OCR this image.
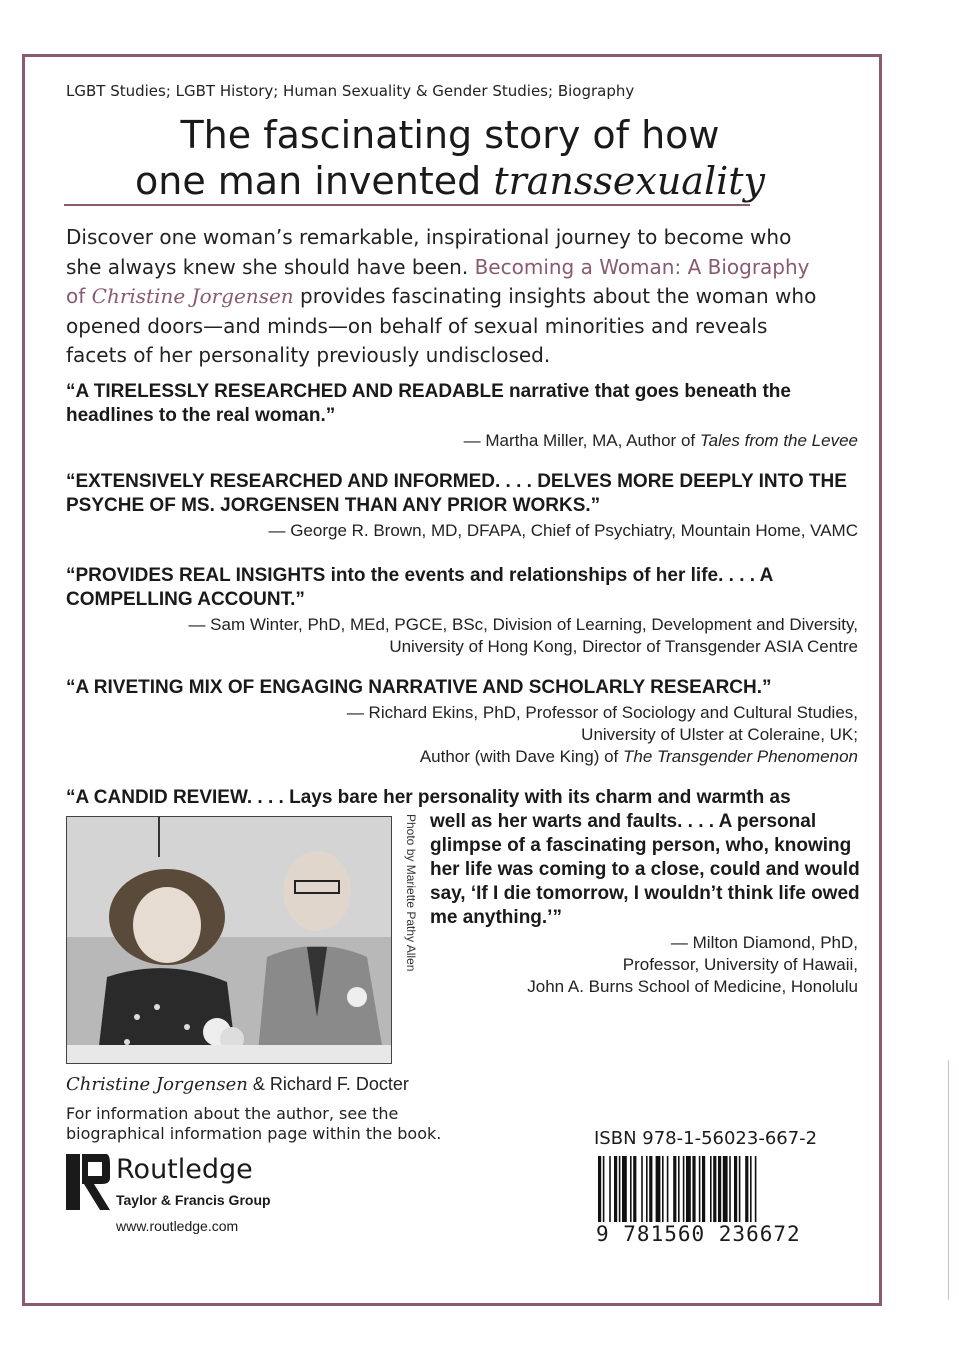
LGBT Studies; LGBT History; Human Sexuality & Gender Studies; Biography
The fascinating story of how
one man invented transsexuality
Discover one woman’s remarkable, inspirational journey to become who she always knew she should have been. Becoming a Woman: A Biography of Christine Jorgensen provides fascinating insights about the woman who opened doors—and minds—on behalf of sexual minorities and reveals facets of her personality previously undisclosed.
“A TIRELESSLY RESEARCHED AND READABLE narrative that goes beneath the headlines to the real woman.”
— Martha Miller, MA, Author of Tales from the Levee
“EXTENSIVELY RESEARCHED AND INFORMED. . . . DELVES MORE DEEPLY INTO THE PSYCHE OF MS. JORGENSEN THAN ANY PRIOR WORKS.”
— George R. Brown, MD, DFAPA, Chief of Psychiatry, Mountain Home, VAMC
“PROVIDES REAL INSIGHTS into the events and relationships of her life. . . . A COMPELLING ACCOUNT.”
— Sam Winter, PhD, MEd, PGCE, BSc, Division of Learning, Development and Diversity,
University of Hong Kong, Director of Transgender ASIA Centre
“A RIVETING MIX OF ENGAGING NARRATIVE AND SCHOLARLY RESEARCH.”
— Richard Ekins, PhD, Professor of Sociology and Cultural Studies,
University of Ulster at Coleraine, UK;
Author (with Dave King) of The Transgender Phenomenon
“A CANDID REVIEW. . . . Lays bare her personality with its charm and warmth as
well as her warts and faults. . . . A personal glimpse of a fascinating person, who, knowing her life was coming to a close, could and would say, ‘If I die tomorrow, I wouldn’t think life owed me anything.’”
— Milton Diamond, PhD,
Professor, University of Hawaii,
John A. Burns School of Medicine, Honolulu
Photo by Mariette Pathy Allen
Christine Jorgensen & Richard F. Docter
For information about the author, see the
biographical information page within the book.
Routledge
Taylor & Francis Group
www.routledge.com
ISBN 978-1-56023-667-2
9 781560 236672
